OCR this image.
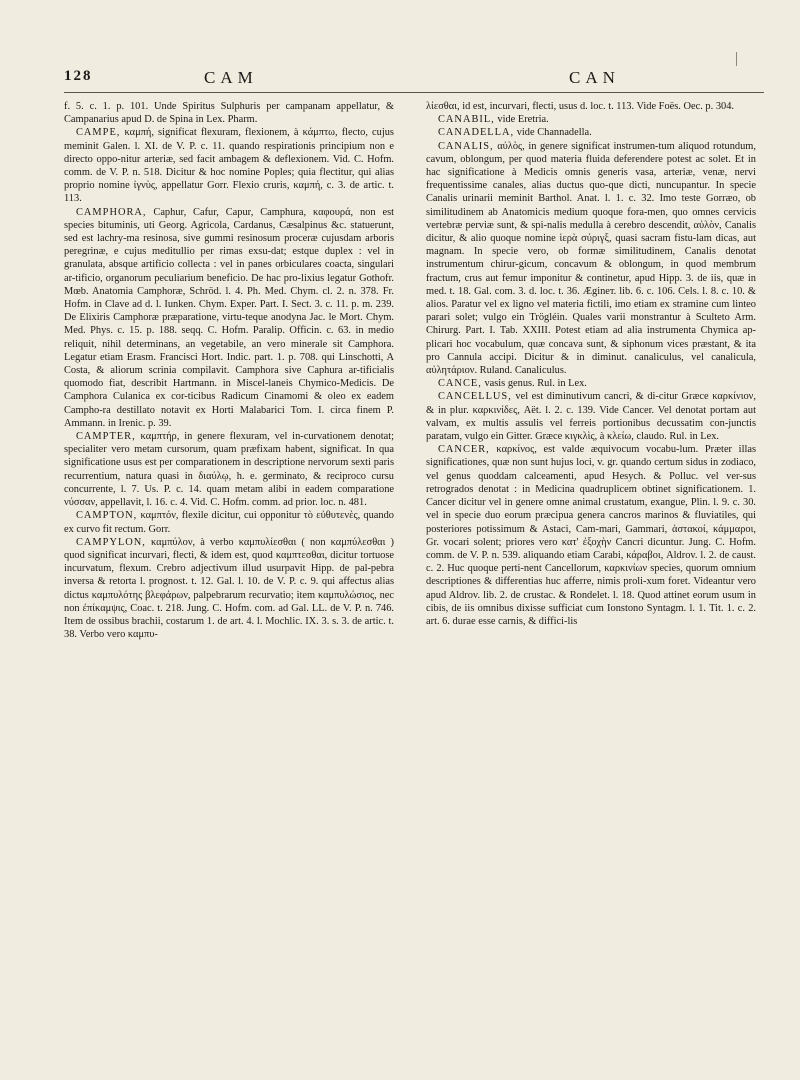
128	CAM	CAN

f. 5. c. 1. p. 101. Unde Spiritus Sulphuris per campanam appellatur, & Campanarius apud D. de Spina in Lex. Pharm.

CAMPE, καμπή, significat flexuram, flexionem, à κάμπτω, flecto, cujus meminit Galen. l. XI. de V. P. c. 11. quando respirationis principium non e directo oppo-nitur arteriæ, sed facit ambagem & deflexionem. Vid. C. Hofm. comm. de V. P. n. 518. Dicitur & hoc nomine Poples; quia flectitur, qui alias proprio nomine ἰγνὺς, appellatur Gorr. Flexio cruris, καμπή, c. 3. de artic. t. 113.

CAMPHORA, Caphur, Cafur, Capur, Camphura, καφουρά, non est species bituminis, uti Georg. Agricola, Cardanus, Cæsalpinus &c. statuerunt, sed est lachry-ma resinosa, sive gummi resinosum proceræ cujusdam arboris peregrinæ, e cujus meditullio per rimas exsu-dat; estque duplex : vel in granulata, absque artificio collecta : vel in panes orbiculares coacta, singulari ar-tificio, organorum peculiarium beneficio. De hac pro-lixius legatur Gothofr. Mœb. Anatomia Camphoræ, Schröd. l. 4. Ph. Med. Chym. cl. 2. n. 378. Fr. Hofm. in Clave ad d. l. Iunken. Chym. Exper. Part. I. Sect. 3. c. 11. p. m. 239. De Elixiris Camphoræ præparatione, virtu-teque anodyna Jac. le Mort. Chym. Med. Phys. c. 15. p. 188. seqq. C. Hofm. Paralip. Officin. c. 63. in medio reliquit, nihil determinans, an vegetabile, an vero minerale sit Camphora. Legatur etiam Erasm. Francisci Hort. Indic. part. 1. p. 708. qui Linschotti, A Costa, & aliorum scrinia compilavit. Camphora sive Caphura ar-tificialis quomodo fiat, describit Hartmann. in Miscel-laneis Chymico-Medicis. De Camphora Culanica ex cor-ticibus Radicum Cinamomi & oleo ex eadem Campho-ra destillato notavit ex Horti Malabarici Tom. I. circa finem P. Ammann. in Irenic. p. 39.

CAMPTER, καμπτήρ, in genere flexuram, vel in-curvationem denotat; specialiter vero metam cursorum, quam præfixam habent, significat. In qua significatione usus est per comparationem in descriptione nervorum sexti paris recurrentium, natura quasi in διαύλῳ, h. e. germinato, & reciproco cursu concurrente, l. 7. Us. P. c. 14. quam metam alibi in eadem comparatione νύσσαν, appellavit, l. 16. c. 4. Vid. C. Hofm. comm. ad prior. loc. n. 481.

CAMPTON, καμπτόν, flexile dicitur, cui opponitur τὸ εὐθυτενὲς, quando ex curvo fit rectum. Gorr.

CAMPYLON, καμπύλον, à verbo καμπυλίεσθαι ( non καμπύλεσθαι ) quod significat incurvari, flecti, & idem est, quod καμπτεσθαι, dicitur tortuose incurvatum, flexum. Crebro adjectivum illud usurpavit Hipp. de pal-pebra inversa & retorta l. prognost. t. 12. Gal. l. 10. de V. P. c. 9. qui affectus alias dictus καμπυλότης βλεφάρων, palpebrarum recurvatio; item καμπυλώσιος, nec non ἐπίκαμψις, Coac. t. 218. Jung. C. Hofm. com. ad Gal. LL. de V. P. n. 746. Item de ossibus brachii, costarum 1. de art. 4. l. Mochlic. IX. 3. s. 3. de artic. t. 38. Verbo vero καμπυ-

λίεσθαι, id est, incurvari, flecti, usus d. loc. t. 113. Vide Foës. Oec. p. 304.

CANABIL, vide Eretria.

CANADELLA, vide Channadella.

CANALIS, αὐλὸς, in genere significat instrumen-tum aliquod rotundum, cavum, oblongum, per quod materia fluida deferendere potest ac solet. Et in hac significatione à Medicis omnis generis vasa, arteriæ, venæ, nervi frequentissime canales, alias ductus quo-que dicti, nuncupantur. In specie Canalis urinarii meminit Barthol. Anat. l. 1. c. 32. Imo teste Gorræo, ob similitudinem ab Anatomicis medium quoque fora-men, quo omnes cervicis vertebræ perviæ sunt, & spi-nalis medulla à cerebro descendit, αὐλὸν, Canalis dicitur, & alio quoque nomine ἱερὰ σύριγξ, quasi sacram fistu-lam dicas, aut magnam. In specie vero, ob formæ similitudinem, Canalis denotat instrumentum chirur-gicum, concavum & oblongum, in quod membrum fractum, crus aut femur imponitur & continetur, apud Hipp. 3. de iis, quæ in med. t. 18. Gal. com. 3. d. loc. t. 36. Ægineт. lib. 6. c. 106. Cels. l. 8. c. 10. & alios. Paratur vel ex ligno vel materia fictili, imo etiam ex stramine cum linteo parari solet; vulgo ein Trögléin. Quales varii monstrantur à Sculteto Arm. Chirurg. Part. I. Tab. XXIII. Potest etiam ad alia instrumenta Chymica ap-plicari hoc vocabulum, quæ concava sunt, & siphonum vices præstant, & ita pro Cannula accipi. Dicitur & in diminut. canaliculus, vel canalicula, αὐλητάριον. Ruland. Canaliculus.

CANCE, vasis genus. Rul. in Lex.

CANCELLUS, vel est diminutivum cancri, & di-citur Græce καρκίνιον, & in plur. καρκινίδες, Aët. l. 2. c. 139. Vide Cancer. Vel denotat portam aut valvam, ex multis assulis vel ferreis portionibus decussatim con-junctis paratam, vulgo ein Gitter. Græce κιγκλὶς, à κλείω, claudo. Rul. in Lex.

CANCER, καρκίνος, est valde æquivocum vocabu-lum. Præter illas significationes, quæ non sunt hujus loci, v. gr. quando certum sidus in zodiaco, vel genus quoddam calceamenti, apud Hesych. & Polluc. vel ver-sus retrogrados denotat : in Medicina quadruplicem obtinet significationem. 1. Cancer dicitur vel in genere omne animal crustatum, exangue, Plin. l. 9. c. 30. vel in specie duo eorum præcipua genera cancros marinos & fluviatiles, qui posteriores potissimum & Astaci, Cam-mari, Gammari, ἀστακοί, κάμμαροι, Gr. vocari solent; priores vero κατ' ἐξοχὴν Cancri dicuntur. Jung. C. Hofm. comm. de V. P. n. 539. aliquando etiam Carabi, κάραβοι, Aldrov. l. 2. de caust. c. 2. Huc quoque perti-nent Cancellorum, καρκινίων species, quorum omnium descriptiones & differentias huc afferre, nimis proli-xum foret. Videantur vero apud Aldrov. lib. 2. de crustac. & Rondelet. l. 18. Quod attinet eorum usum in cibis, de iis omnibus dixisse sufficiat cum Ionstono Syntagm. l. 1. Tit. 1. c. 2. art. 6. durae esse carnis, & diffici-lis
